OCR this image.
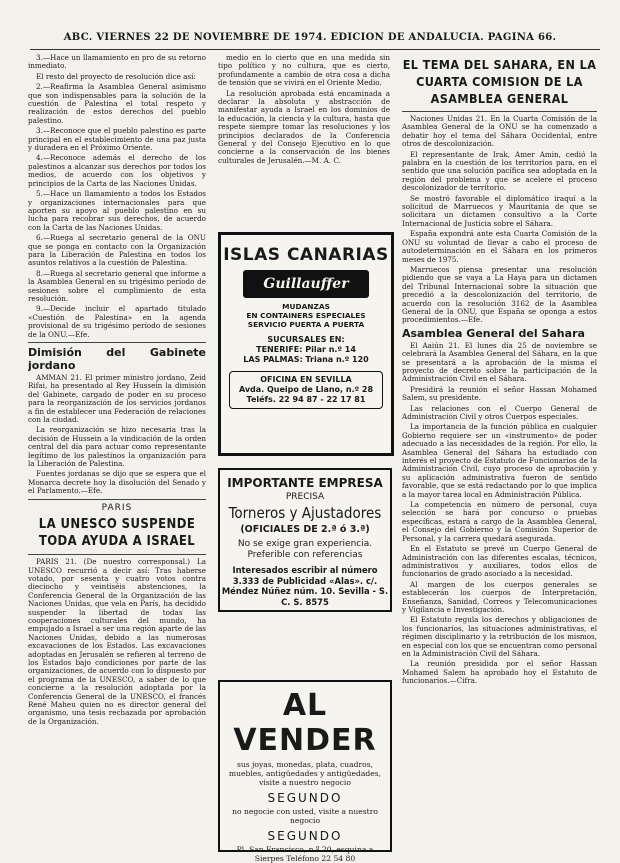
ABC. VIERNES 22 DE NOVIEMBRE DE 1974. EDICION DE ANDALUCIA. PAGINA 66.

3.—Hace un llamamiento en pro de su retorno inmediato.

El resto del proyecto de resolución dice así:

2.—Reafirma la Asamblea General asimismo que son indispensables para la solución de la cuestión de Palestina el total respeto y realización de estos derechos del pueblo palestino.

3.—Reconoce que el pueblo palestino es parte principal en el establecimiento de una paz justa y duradera en el Próximo Oriente.

4.—Reconoce además el derecho de los palestinos a alcanzar sus derechos por todos los medios, de acuerdo con los objetivos y principios de la Carta de las Naciones Unidas.

5.—Hace un llamamiento a todos los Estados y organizaciones internacionales para que aporten su apoyo al pueblo palestino en su lucha para recobrar sus derechos, de acuerdo con la Carta de las Naciones Unidas.

6.—Ruega al secretario general de la ONU que se ponga en contacto con la Organización para la Liberación de Palestina en todos los asuntos relativos a la cuestión de Palestina.

8.—Ruega al secretario general que informe a la Asamblea General en su trigésimo período de sesiones sobre el cumplimiento de esta resolución.

9.—Decide incluir el apartado titulado «Cuestión de Palestina» en la agenda provisional de su trigésimo período de sesiones de la ONU.—Efe.

Dimisión del Gabinete jordano

AMMAN 21. El primer ministro jordano, Zeid Rifai, ha presentado al Rey Hussein la dimisión del Gabinete, cargado de poder en su proceso para la reorganización de los servicios jordanos a fin de establecer una Federación de relaciones con la ciudad.

La reorganización se hizo necesaria tras la decisión de Hussein a la vindicación de la orden central del día para actuar como representante legítimo de los palestinos la organización para la Liberación de Palestina.

Fuentes jordanas se dijo que se espera que el Monarca decrete hoy la disolución del Senado y el Parlamento.—Efe.

PARIS
LA UNESCO SUSPENDE TODA AYUDA A ISRAEL

PARIS 21. (De nuestro corresponsal.) La UNESCO recurrió a decir así: Tras haberse votado, por sesenta y cuatro votos contra dieciocho y veintiséis abstenciones, la Conferencia General de la Organización de las Naciones Unidas, que vela en París, ha decidido suspender la libertad de todas las cooperaciones culturales del mundo, ha empujado a Israel a ser una región aparte de las Naciones Unidas, debido a las numerosas excavaciones de los Estados. Las excavaciones adoptadas en Jerusalén se refieren al terreno de los Estados bajo condiciones por parte de las organizaciones, de acuerdo con lo dispuesto por el programa de la UNESCO, a saber de lo que concierne a la resolución adoptada por la Conferencia General de la UNESCO, el francés René Maheu quien no es director general del organismo, una tesis rechazada por aprobación de la Organización.

medio en lo cierto que en una medida sin tipo político y no cultura, que es cierto, profundamente a cambio de otra cosa a dicha de tensión que se vivirá en el Oriente Medio.

La resolución aprobada está encaminada a declarar la absoluta y abstracción de manifestar ayuda a Israel en los dominios de la educación, la ciencia y la cultura, hasta que respete siempre tomar las resoluciones y los principios declarados de la Conferencia General y del Consejo Ejecutivo en lo que concierne a la conservación de los bienes culturales de Jerusalén.—M. A. C.

ISLAS CANARIAS
Guillauffer
MUDANZAS
EN CONTAINERS ESPECIALES
SERVICIO PUERTA A PUERTA
SUCURSALES EN:
TENERIFE: Pilar n.º 14
LAS PALMAS: Triana n.º 120
OFICINA EN SEVILLA
Avda. Queipo de Llano, n.º 28
Teléfs. 22 94 87 - 22 17 81
IMPORTANTE EMPRESA
PRECISA
Torneros y Ajustadores
(OFICIALES DE 2.ª ó 3.ª)
No se exige gran experiencia. Preferible con referencias
Interesados escribir al número 3.333 de Publicidad «Alas». c/. Méndez Núñez núm. 10. Sevilla - S. C. S. 8575
AL VENDER
sus joyas, monedas, plata, cuadros, muebles, antigüedades y antigüedades, visite a nuestro negocio
SEGUNDO
no negocie con usted, visite a nuestro negocio
SEGUNDO
Pl. San Francisco, n.º 20, esquina a Sierpes Teléfono 22 54 80
EL TEMA DEL SAHARA, EN LA CUARTA COMISION DE LA ASAMBLEA GENERAL

Naciones Unidas 21. En la Cuarta Comisión de la Asamblea General de la ONU se ha comenzado a debatir hoy el tema del Sáhara Occidental, entre otros de descolonización.

El representante de Irak, Amer Amin, cedió la palabra en la cuestión de los territorios para, en el sentido que una solución pacífica sea adoptada en la región del problema y que se acelere el proceso descolonizador de territorio.

Se mostró favorable el diplomático iraquí a la solicitud de Marruecos y Mauritania de que se solicitara un dictamen consultivo a la Corte Internacional de Justicia sobre el Sáhara.

España expondrá ante esta Cuarta Comisión de la ONU su voluntad de llevar a cabo el proceso de autodeterminación en el Sáhara en los primeros meses de 1975.

Marruecos piensa presentar una resolución pidiendo que se vaya a La Haya para un dictamen del Tribunal Internacional sobre la situación que precedió a la descolonización del territorio, de acuerdo con la resolución 3162 de la Asamblea General de la ONU, que España se oponga a estos procedimientos.—Efe.

Asamblea General del Sahara

El Aaiún 21. El lunes día 25 de noviembre se celebrará la Asamblea General del Sáhara, en la que se presentará a la aprobación de la misma el proyecto de decreto sobre la participación de la Administración Civil en el Sáhara.

Presidirá la reunión el señor Hassan Mohamed Salem, su presidente.

Las relaciones con el Cuerpo General de Administración Civil y otros Cuerpos especiales.

La importancia de la función pública en cualquier Gobierno requiere ser un «instrumento» de poder adecuado a las necesidades de la región. Por ello, la Asamblea General del Sáhara ha estudiado con interés el proyecto de Estatuto de Funcionarios de la Administración Civil, cuyo proceso de aprobación y su aplicación administrativa fueron de sentido favorable, que se está redactando por lo que implica a la mayor tarea local en Administración Pública.

La competencia en número de personal, cuya selección se hará por concurso o pruebas específicas, estará a cargo de la Asamblea General, el Consejo del Gobierno y la Comisión Superior de Personal, y la carrera quedará asegurada.

En el Estatuto se prevé un Cuerpo General de Administración con las diferentes escalas, técnicos, administrativos y auxiliares, todos ellos de funcionarios de grado asociado a la necesidad.

Al margen de los cuerpos generales se establecerán los cuerpos de Interpretación, Enseñanza, Sanidad, Correos y Telecomunicaciones y Vigilancia e Investigación.

El Estatuto regula los derechos y obligaciones de los funcionarios, las situaciones administrativas, el régimen disciplinario y la retribución de los mismos, en especial con los que se encuentran como personal en la Administración Civil del Sáhara.

La reunión presidida por el señor Hassan Mohamed Salem ha aprobado hoy el Estatuto de funcionarios.—Cifra.
